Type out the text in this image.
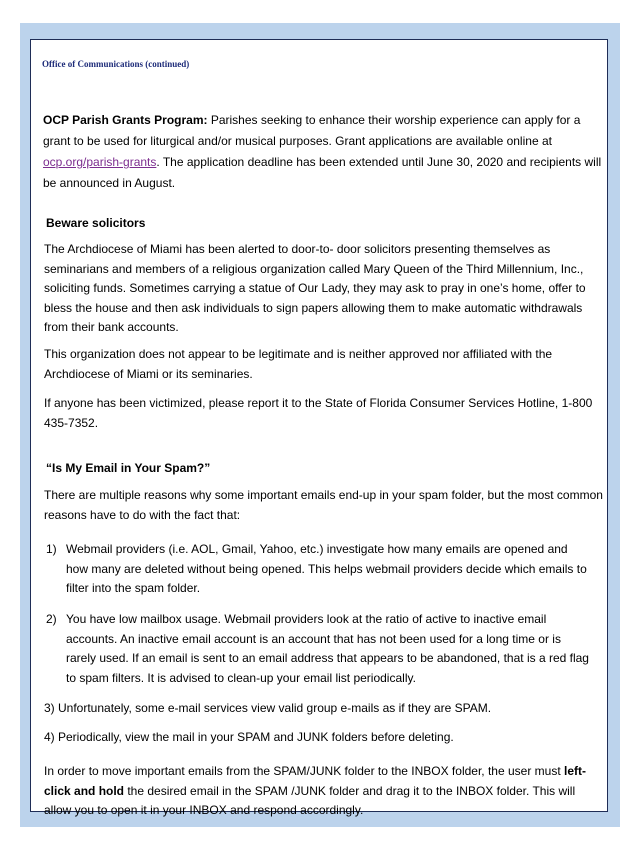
Office of Communications (continued)

OCP Parish Grants Program: Parishes seeking to enhance their worship experience can apply for a grant to be used for liturgical and/or musical purposes. Grant applications are available online at ocp.org/parish-grants. The application deadline has been extended until June 30, 2020 and recipients will be announced in August.

Beware solicitors

The Archdiocese of Miami has been alerted to door-to- door solicitors presenting themselves as seminarians and members of a religious organization called Mary Queen of the Third Millennium, Inc., soliciting funds. Sometimes carrying a statue of Our Lady, they may ask to pray in one’s home, offer to bless the house and then ask individuals to sign papers allowing them to make automatic withdrawals from their bank accounts.

This organization does not appear to be legitimate and is neither approved nor affiliated with the Archdiocese of Miami or its seminaries.

If anyone has been victimized, please report it to the State of Florida Consumer Services Hotline, 1-800 435-7352.

“Is My Email in Your Spam?”

There are multiple reasons why some important emails end-up in your spam folder, but the most common reasons have to do with the fact that:

1) Webmail providers (i.e. AOL, Gmail, Yahoo, etc.) investigate how many emails are opened and how many are deleted without being opened. This helps webmail providers decide which emails to filter into the spam folder.
2) You have low mailbox usage. Webmail providers look at the ratio of active to inactive email accounts. An inactive email account is an account that has not been used for a long time or is rarely used. If an email is sent to an email address that appears to be abandoned, that is a red flag to spam filters. It is advised to clean-up your email list periodically.

3) Unfortunately, some e-mail services view valid group e-mails as if they are SPAM.

4) Periodically, view the mail in your SPAM and JUNK folders before deleting.

In order to move important emails from the SPAM/JUNK folder to the INBOX folder, the user must left-click and hold the desired email in the SPAM /JUNK folder and drag it to the INBOX folder. This will allow you to open it in your INBOX and respond accordingly.
